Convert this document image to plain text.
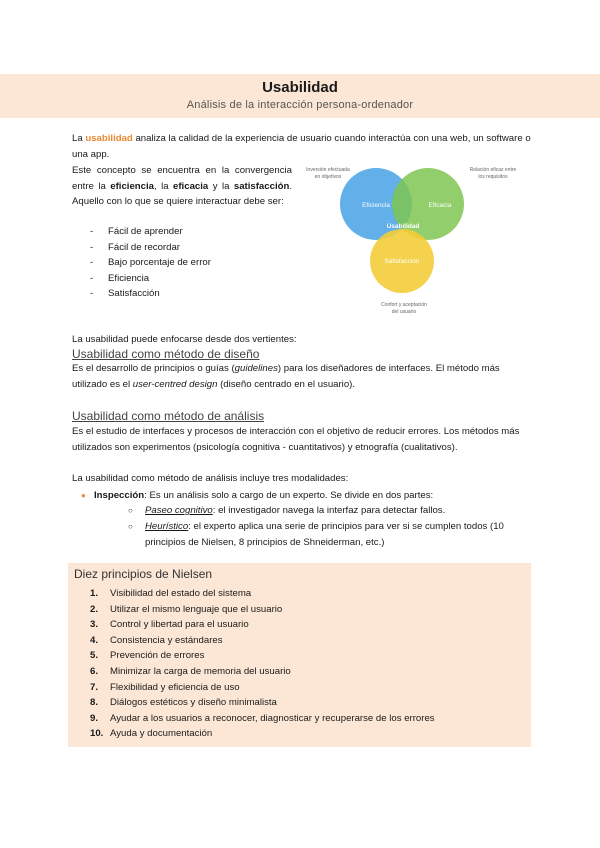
Usabilidad
Análisis de la interacción persona-ordenador
La usabilidad analiza la calidad de la experiencia de usuario cuando interactúa con una web, un software o una app.
Este concepto se encuentra en la convergencia entre la eficiencia, la eficacia y la satisfacción. Aquello con lo que se quiere interactuar debe ser:
- Fácil de aprender
- Fácil de recordar
- Bajo porcentaje de error
- Eficiencia
- Satisfacción
Eficiencia	Eficacia
Satisfacción
Usabilidad
Inversión efectuada
en objetivos
Relación eficaz entre
los requisitos
Confort y aceptación
del usuario
La usabilidad puede enfocarse desde dos vertientes:
Usabilidad como método de diseño
Es el desarrollo de principios o guías (guidelines) para los diseñadores de interfaces. El método más utilizado es el user-centred design (diseño centrado en el usuario).
Usabilidad como método de análisis
Es el estudio de interfaces y procesos de interacción con el objetivo de reducir errores. Los métodos más utilizados son experimentos (psicología cognitiva - cuantitativos) y etnografía (cualitativos).
La usabilidad como método de análisis incluye tres modalidades:
● Inspección: Es un análisis solo a cargo de un experto. Se divide en dos partes:
○ Paseo cognitivo: el investigador navega la interfaz para detectar fallos.
○ Heurístico: el experto aplica una serie de principios para ver si se cumplen todos (10 principios de Nielsen, 8 principios de Shneiderman, etc.)
Diez principios de Nielsen
1. Visibilidad del estado del sistema
2. Utilizar el mismo lenguaje que el usuario
3. Control y libertad para el usuario
4. Consistencia y estándares
5. Prevención de errores
6. Minimizar la carga de memoria del usuario
7. Flexibilidad y eficiencia de uso
8. Diálogos estéticos y diseño minimalista
9. Ayudar a los usuarios a reconocer, diagnosticar y recuperarse de los errores
10. Ayuda y documentación
